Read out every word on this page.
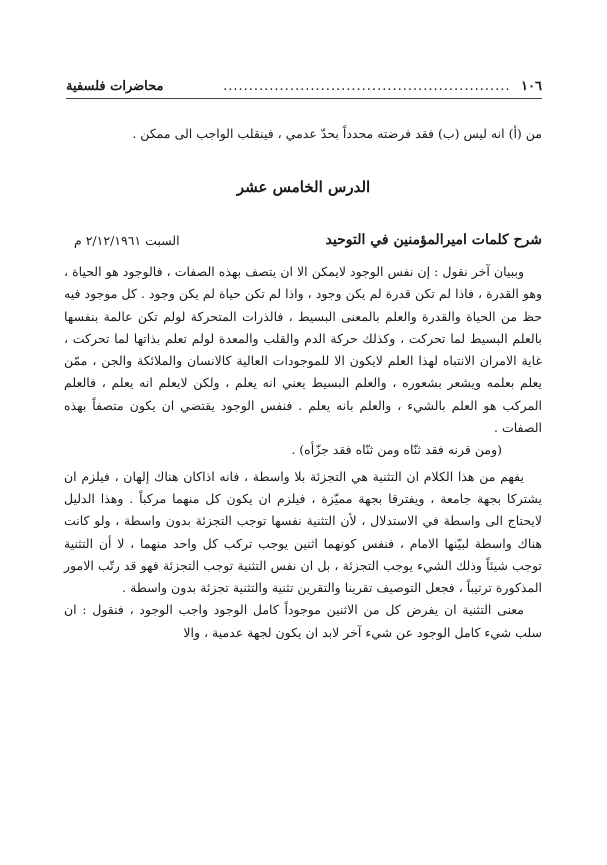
١٠٦ ........................................................
محاضرات فلسفية
من (أ) انه ليس (ب) فقد فرضته محدداً بحدّ عدمي ، فينقلب الواجب الى ممكن .
الدرس الخامس عشر
شرح كلمات اميرالمؤمنين في التوحيد
السبت ٢/١٢/١٩٦١ م

وببيان آخر نقول : إن نفس الوجود لايمكن الا ان يتصف بهذه الصفات ، فالوجود هو الحياة ، وهو القدرة ، فاذا لم تكن قدرة لم يكن وجود ، واذا لم تكن حياة لم يكن وجود . كل موجود فيه حظ من الحياة والقدرة والعلم بالمعنى البسيط ، فالذرات المتحركة لولم تكن عالمة بنفسها بالعلم البسيط لما تحركت ، وكذلك حركة الدم والقلب والمعدة لولم تعلم بذاتها لما تحركت ، غاية الامران الانتباه لهذا العلم لايكون الا للموجودات العالية كالانسان والملائكة والجن ، ممّن يعلم بعلمه ويشعر بشعوره ، والعلم البسيط يعني انه يعلم ، ولكن لايعلم انه يعلم ، فالعلم المركب هو العلم بالشيء ، والعلم بانه يعلم . فنفس الوجود يقتضي ان يكون متصفاً بهذه الصفات .

(ومن قرنه فقد ثنّاه ومن ثنّاه فقد جزّأه) .

يفهم من هذا الكلام ان التثنية هي التجزئة بلا واسطة ، فانه اذاكان هناك إلهان ، فيلزم ان يشتركا بجهة جامعة ، ويفترقا بجهة مميّزة ، فيلزم ان يكون كل منهما مركباً . وهذا الدليل لايحتاج الى واسطة في الاستدلال ، لأن التثنية نفسها توجب التجزئة بدون واسطة ، ولو كانت هناك واسطة لبيّنها الامام ، فنفس كونهما اثنين يوجب تركب كل واحد منهما ، لا أن التثنية توجب شيئاً وذلك الشيء يوجب التجزئة ، بل ان نفس التثنية توجب التجزئة فهو قد رتّب الامور المذكورة ترتيباً ، فجعل التوصيف تقرينا والتقرين تثنية والتثنية تجزئة بدون واسطة .

معنى التثنية ان يفرض كل من الاثنين موجوداً كامل الوجود واجب الوجود ، فنقول : ان سلب شيء كامل الوجود عن شيء آخر لابد ان يكون لجهة عدمية ، والا
